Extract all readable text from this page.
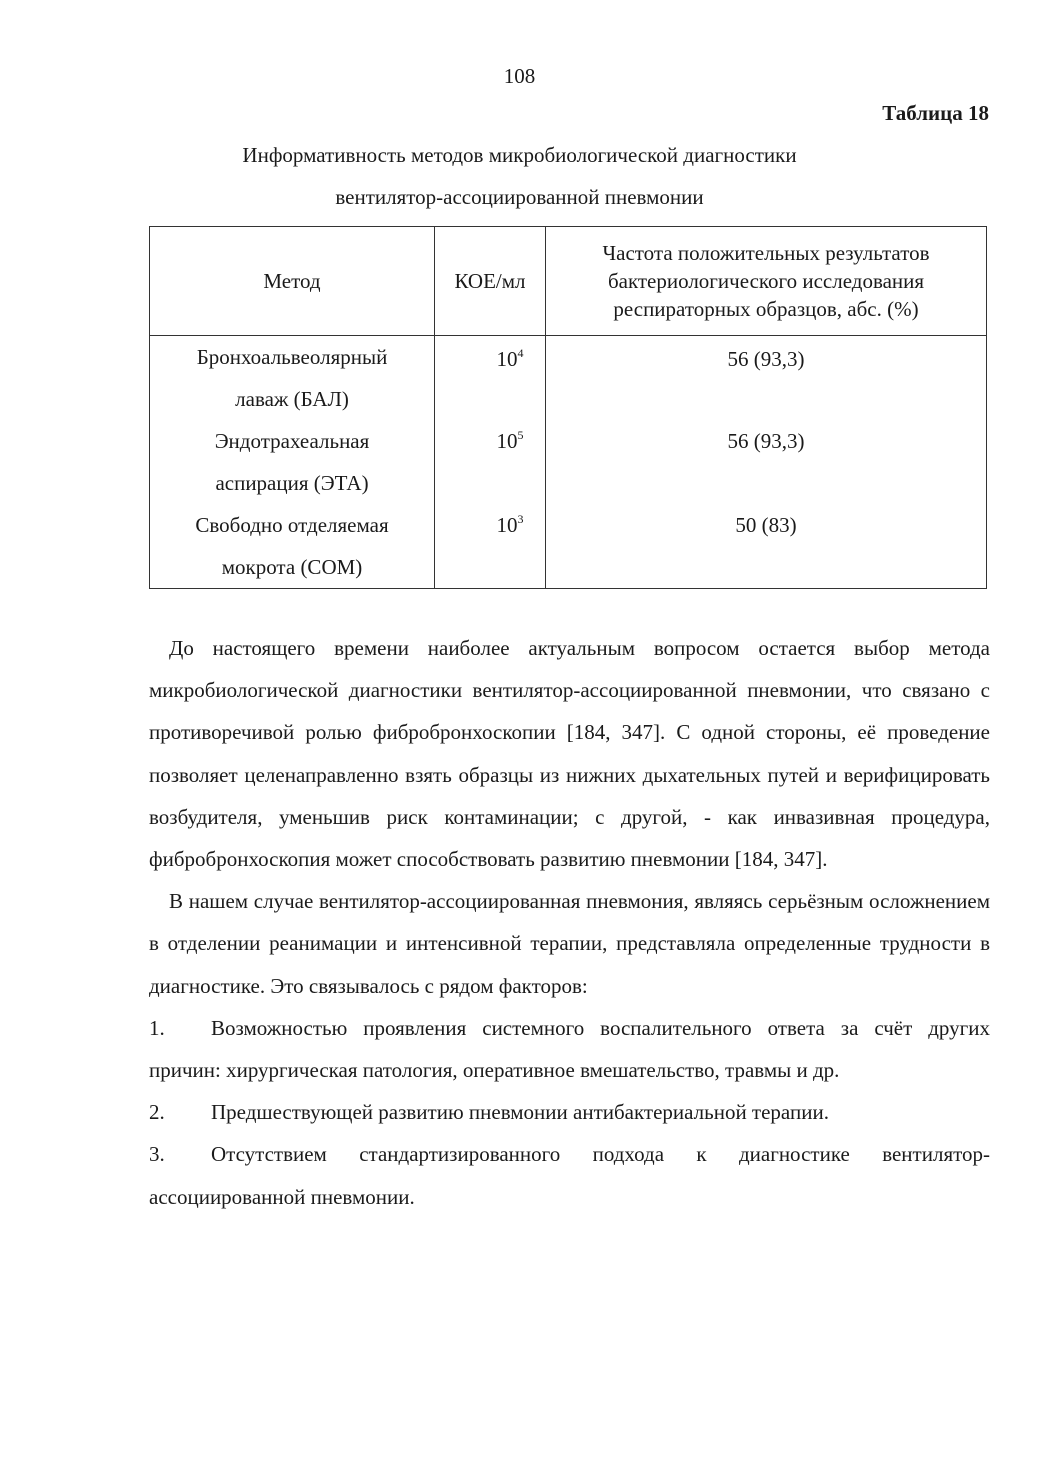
108
Таблица 18
Информативность методов микробиологической диагностики
вентилятор-ассоциированной пневмонии
Метод	КОЕ/мл	Частота положительных результатов бактериологического исследования респираторных образцов, абс. (%)
Бронхоальвеолярный лаваж (БАЛ)	$10^4$	56 (93,3)
Эндотрахеальная аспирация (ЭТА)	$10^5$	56 (93,3)
Свободно отделяемая мокрота (СОМ)	$10^3$	50 (83)

До настоящего времени наиболее актуальным вопросом остается выбор метода микробиологической диагностики вентилятор-ассоциированной пневмонии, что связано с противоречивой ролью фибробронхоскопии [184, 347]. С одной стороны, её проведение позволяет целенаправленно взять образцы из нижних дыхательных путей и верифицировать возбудителя, уменьшив риск контаминации; с другой, - как инвазивная процедура, фибробронхоскопия может способствовать развитию пневмонии [184, 347].

В нашем случае вентилятор-ассоциированная пневмония, являясь серьёзным осложнением в отделении реанимации и интенсивной терапии, представляла определенные трудности в диагностике. Это связывалось с рядом факторов:

1. Возможностью проявления системного воспалительного ответа за счёт других причин: хирургическая патология, оперативное вмешательство, травмы и др.

2. Предшествующей развитию пневмонии антибактериальной терапии.

3. Отсутствием стандартизированного подхода к диагностике вентилятор-ассоциированной пневмонии.
